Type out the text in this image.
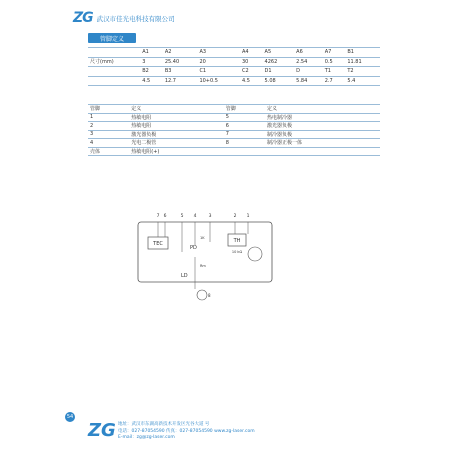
ZG 武汉市佳光电科技有限公司
管脚定义
	A1	A2	A3	A4	A5	A6	A7	B1
尺寸(mm)	3	25.40	20	30	4262	2.54	0.5	11.81
	B2	B3	C1	C2	D1	D	T1	T2
	4.5	12.7	10+0.5	4.5	5.08	5.84	2.7	5.4
管脚	定义	管脚	定义
1	热敏电阻	5	热电制冷器
2	热敏电阻	6	激光器负极
3	激光器负极	7	制冷器负极
4	光电二极管	8	制冷器正极一体
壳体	热敏电阻(+)		
7 6	5 4	3	2 1
TEC	TH
10 kΩ
PD
1K
LD
Rm
8
54
ZG 地址：武汉市东湖高新技术开发区光谷大道 号
电话：027-87054590 传真：027-87054590 www.zg-laser.com
E-mail：zg@zg-laser.com
